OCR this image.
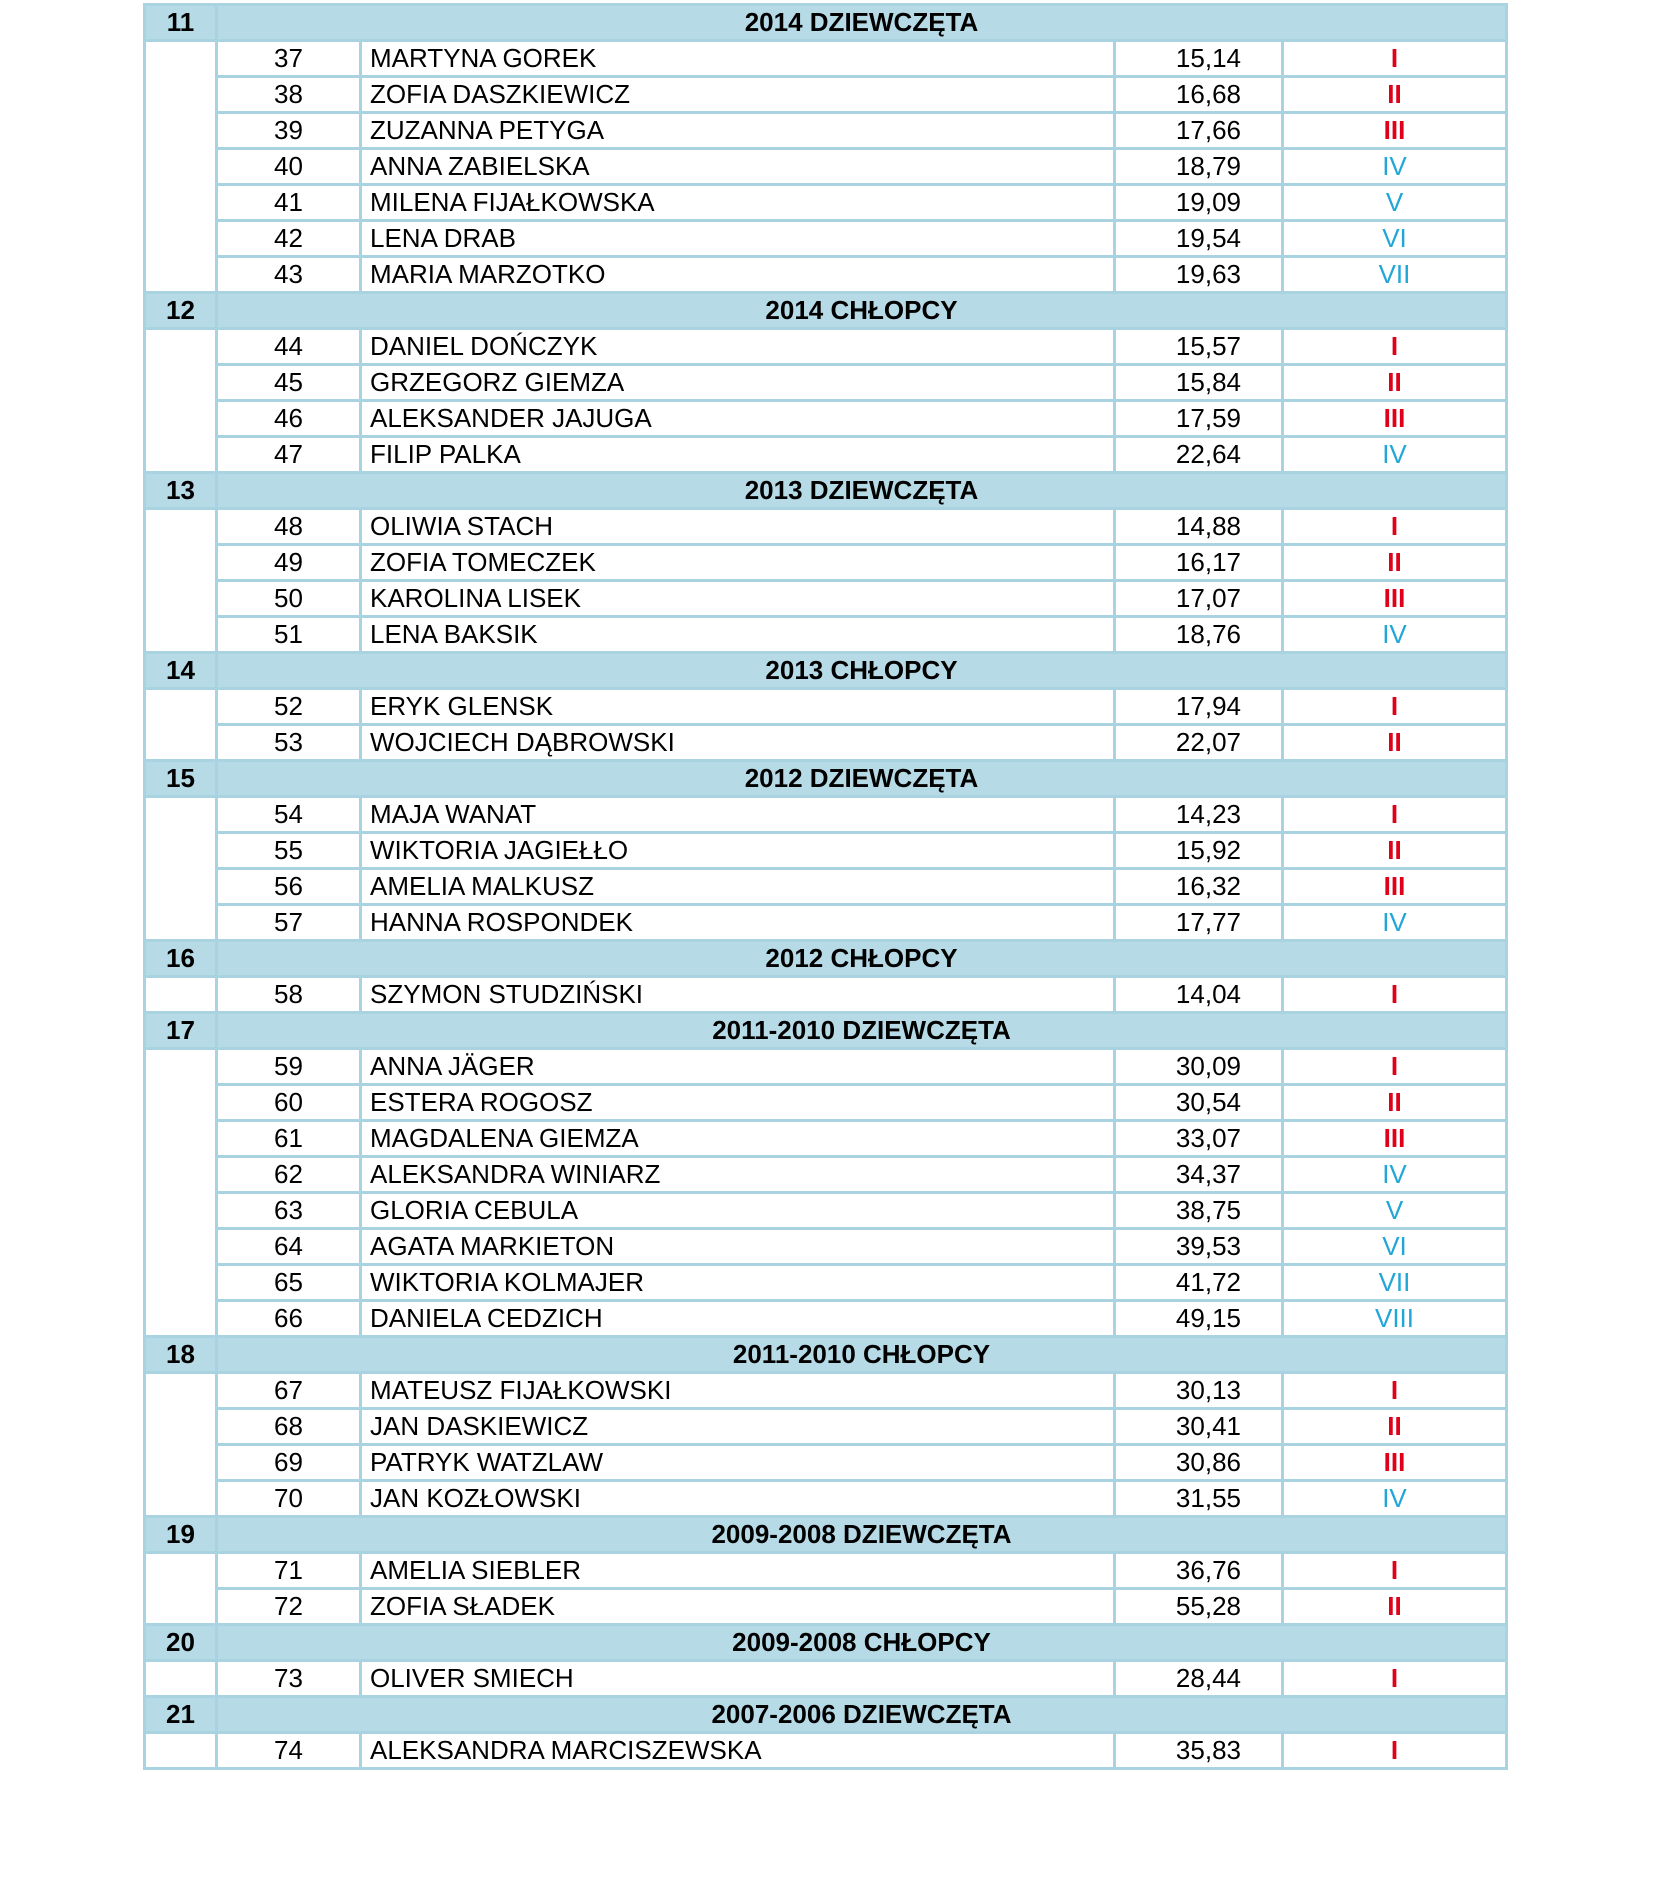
11	2014 DZIEWCZĘTA			
	37	MARTYNA GOREK	15,14	I
	38	ZOFIA DASZKIEWICZ	16,68	II
	39	ZUZANNA PETYGA	17,66	III
	40	ANNA ZABIELSKA	18,79	IV
	41	MILENA FIJAŁKOWSKA	19,09	V
	42	LENA DRAB	19,54	VI
	43	MARIA MARZOTKO	19,63	VII
12	2014 CHŁOPCY			
	44	DANIEL DOŃCZYK	15,57	I
	45	GRZEGORZ GIEMZA	15,84	II
	46	ALEKSANDER JAJUGA	17,59	III
	47	FILIP PALKA	22,64	IV
13	2013 DZIEWCZĘTA			
	48	OLIWIA STACH	14,88	I
	49	ZOFIA TOMECZEK	16,17	II
	50	KAROLINA LISEK	17,07	III
	51	LENA BAKSIK	18,76	IV
14	2013 CHŁOPCY			
	52	ERYK GLENSK	17,94	I
	53	WOJCIECH DĄBROWSKI	22,07	II
15	2012 DZIEWCZĘTA			
	54	MAJA WANAT	14,23	I
	55	WIKTORIA JAGIEŁŁO	15,92	II
	56	AMELIA MALKUSZ	16,32	III
	57	HANNA ROSPONDEK	17,77	IV
16	2012 CHŁOPCY			
	58	SZYMON STUDZIŃSKI	14,04	I
17	2011-2010 DZIEWCZĘTA			
	59	ANNA JÄGER	30,09	I
	60	ESTERA ROGOSZ	30,54	II
	61	MAGDALENA GIEMZA	33,07	III
	62	ALEKSANDRA WINIARZ	34,37	IV
	63	GLORIA CEBULA	38,75	V
	64	AGATA MARKIETON	39,53	VI
	65	WIKTORIA KOLMAJER	41,72	VII
	66	DANIELA CEDZICH	49,15	VIII
18	2011-2010 CHŁOPCY			
	67	MATEUSZ FIJAŁKOWSKI	30,13	I
	68	JAN DASKIEWICZ	30,41	II
	69	PATRYK WATZLAW	30,86	III
	70	JAN KOZŁOWSKI	31,55	IV
19	2009-2008 DZIEWCZĘTA			
	71	AMELIA SIEBLER	36,76	I
	72	ZOFIA SŁADEK	55,28	II
20	2009-2008 CHŁOPCY			
	73	OLIVER SMIECH	28,44	I
21	2007-2006 DZIEWCZĘTA			
	74	ALEKSANDRA MARCISZEWSKA	35,83	I
